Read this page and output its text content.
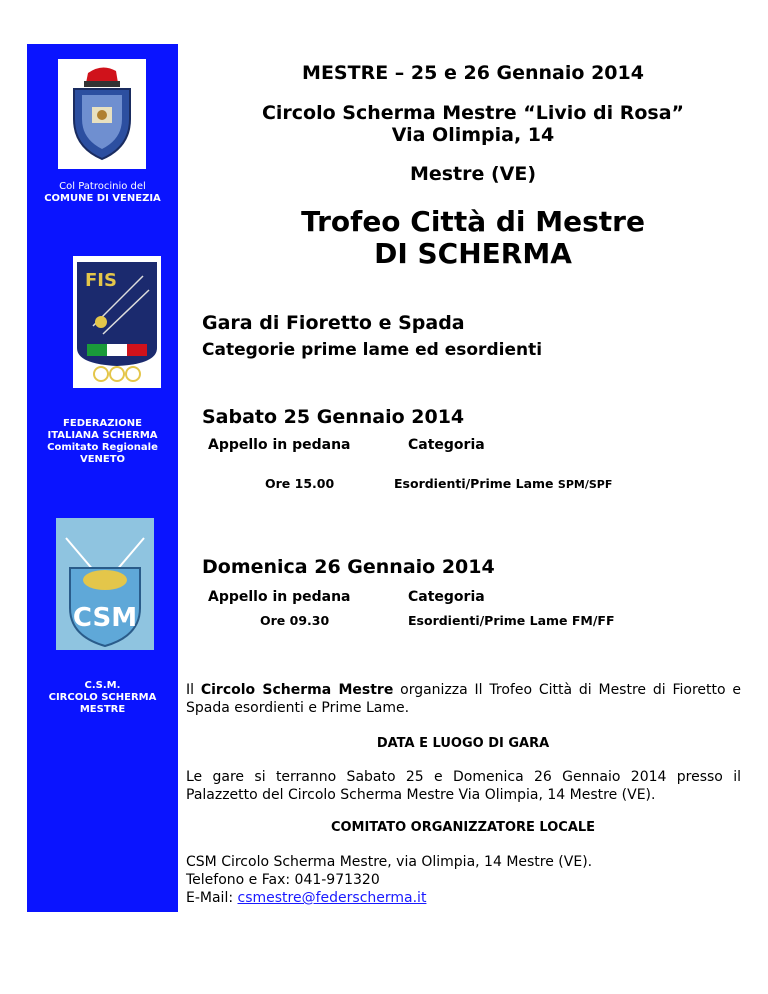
Col Patrocinio del
COMUNE DI VENEZIA
FIS
FEDERAZIONE
ITALIANA SCHERMA
Comitato Regionale
VENETO
CSM
C.S.M.
CIRCOLO SCHERMA
MESTRE
MESTRE – 25 e 26 Gennaio 2014
Circolo Scherma Mestre “Livio di Rosa”
Via Olimpia, 14
Mestre (VE)
Trofeo Città di Mestre
DI SCHERMA
Gara di Fioretto e Spada
Categorie prime lame ed esordienti
Sabato 25 Gennaio 2014
Appello in pedana	Categoria
Ore 15.00	Esordienti/Prime Lame SPM/SPF
Domenica 26 Gennaio 2014
Appello in pedana	Categoria
Ore 09.30	Esordienti/Prime Lame FM/FF
Il Circolo Scherma Mestre organizza Il Trofeo Città di Mestre di Fioretto e Spada esordienti e Prime Lame.
DATA E LUOGO DI GARA
Le gare si terranno Sabato 25 e Domenica 26 Gennaio 2014 presso il Palazzetto del Circolo Scherma Mestre Via Olimpia, 14 Mestre (VE).
COMITATO ORGANIZZATORE LOCALE
CSM Circolo Scherma Mestre, via Olimpia, 14 Mestre (VE).
Telefono e Fax: 041-971320
E-Mail: csmestre@federscherma.it
